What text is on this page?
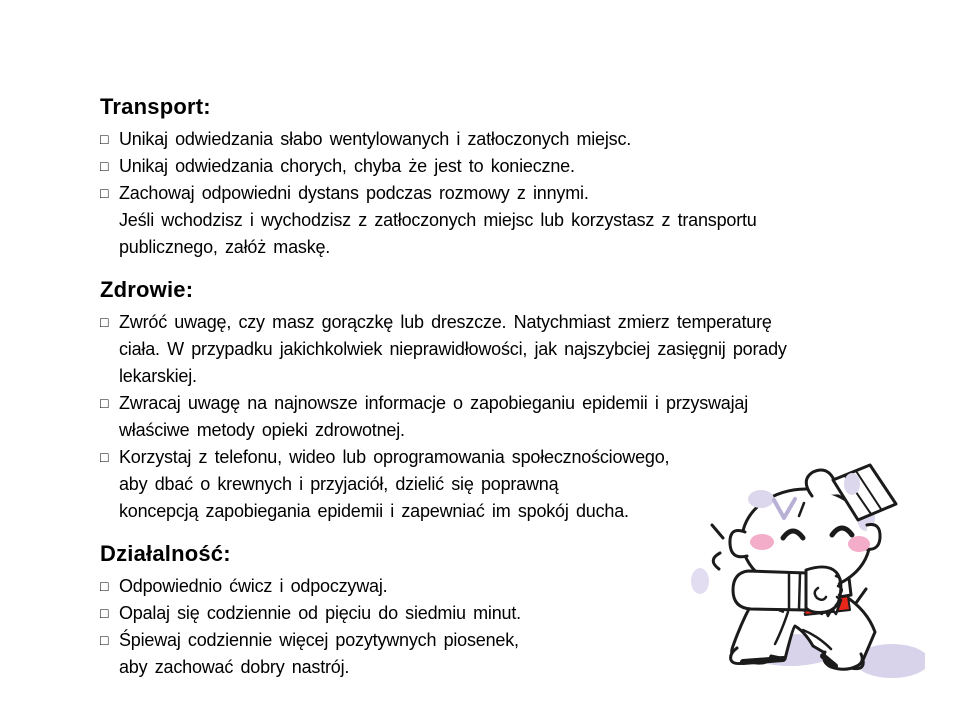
Transport:
□ Unikaj odwiedzania słabo wentylowanych i zatłoczonych miejsc.
□ Unikaj odwiedzania chorych, chyba że jest to konieczne.
□ Zachowaj odpowiedni dystans podczas rozmowy z innymi.
Jeśli wchodzisz i wychodzisz z zatłoczonych miejsc lub korzystasz z transportu
publicznego, załóż maskę.
Zdrowie:
□ Zwróć uwagę, czy masz gorączkę lub dreszcze. Natychmiast zmierz temperaturę
ciała. W przypadku jakichkolwiek nieprawidłowości, jak najszybciej zasięgnij porady
lekarskiej.
□ Zwracaj uwagę na najnowsze informacje o zapobieganiu epidemii i przyswajaj
właściwe metody opieki zdrowotnej.
□ Korzystaj z telefonu, wideo lub oprogramowania społecznościowego,
aby dbać o krewnych i przyjaciół, dzielić się poprawną
koncepcją zapobiegania epidemii i zapewniać im spokój ducha.
Działalność:
□ Odpowiednio ćwicz i odpoczywaj.
□ Opalaj się codziennie od pięciu do siedmiu minut.
□ Śpiewaj codziennie więcej pozytywnych piosenek,
aby zachować dobry nastrój.
